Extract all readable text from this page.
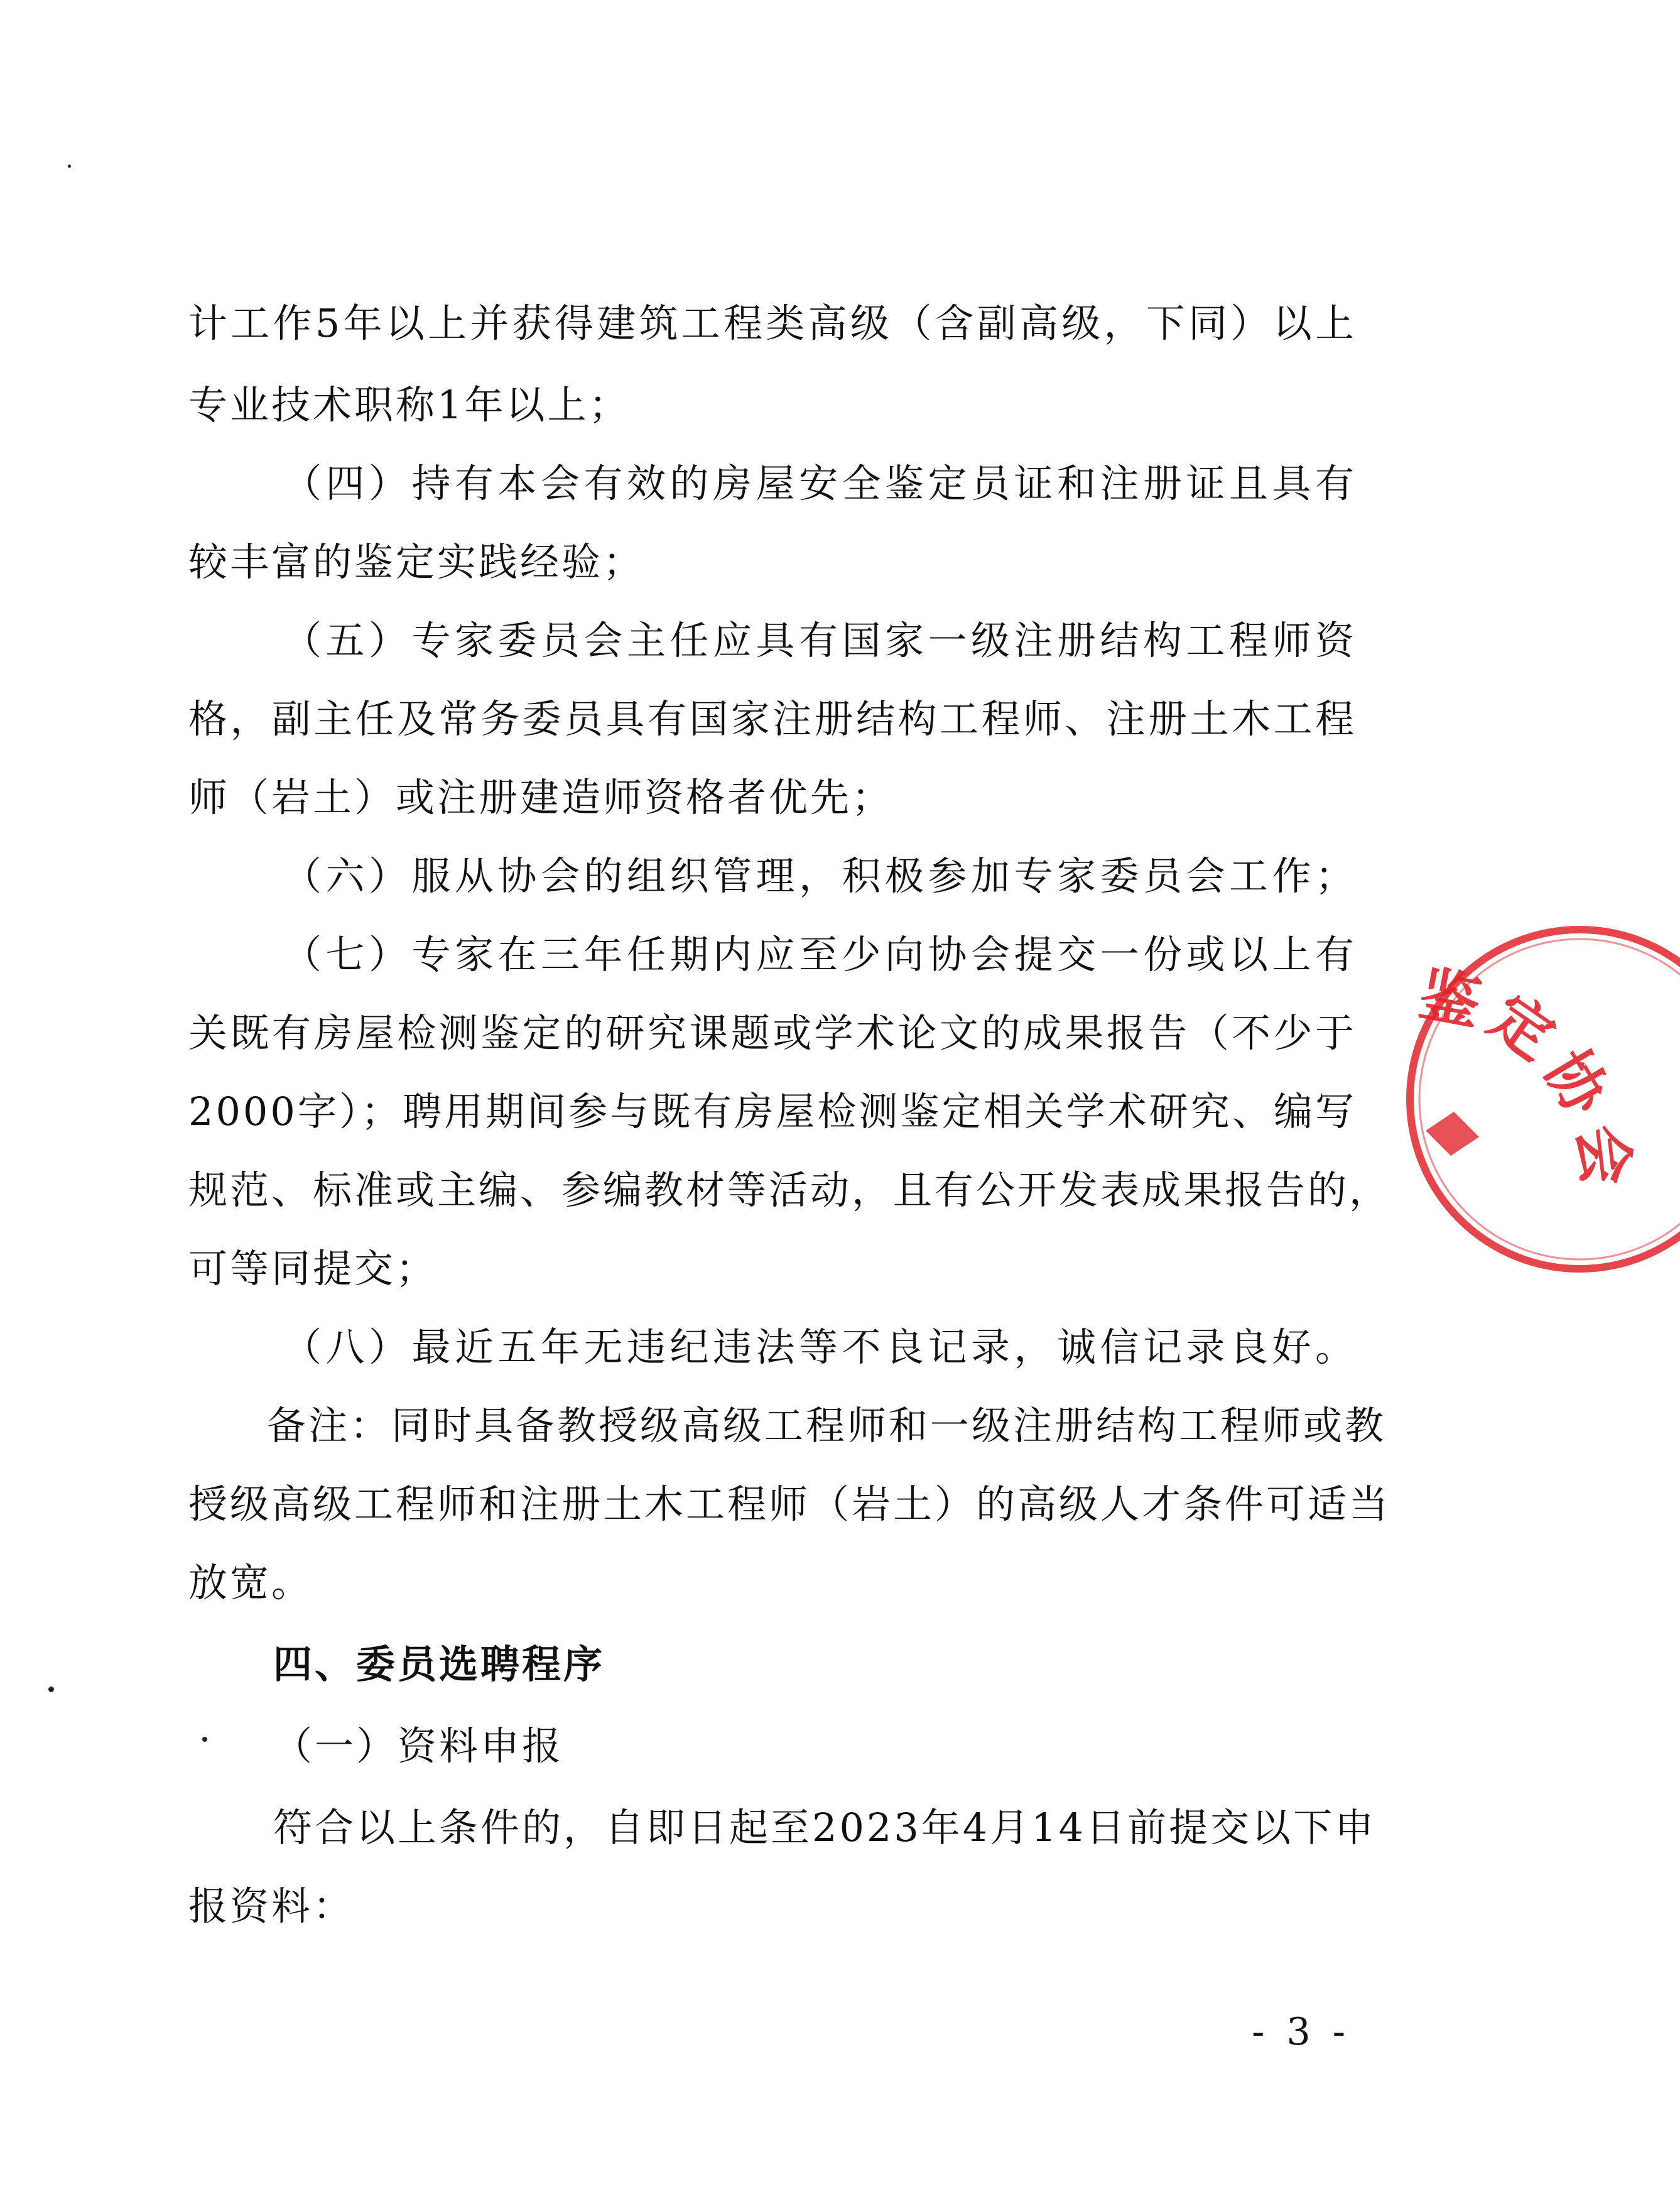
计工作5年以上并获得建筑工程类高级（含副高级，下同）以上
专业技术职称1年以上；
（四）持有本会有效的房屋安全鉴定员证和注册证且具有
较丰富的鉴定实践经验；
（五）专家委员会主任应具有国家一级注册结构工程师资
格，副主任及常务委员具有国家注册结构工程师、注册土木工程
师（岩土）或注册建造师资格者优先；
（六）服从协会的组织管理，积极参加专家委员会工作；
（七）专家在三年任期内应至少向协会提交一份或以上有
关既有房屋检测鉴定的研究课题或学术论文的成果报告（不少于
2000字）；聘用期间参与既有房屋检测鉴定相关学术研究、编写
规范、标准或主编、参编教材等活动，且有公开发表成果报告的，
可等同提交；
（八）最近五年无违纪违法等不良记录，诚信记录良好。
备注：同时具备教授级高级工程师和一级注册结构工程师或教
授级高级工程师和注册土木工程师（岩土）的高级人才条件可适当
放宽。
四、委员选聘程序
（一）资料申报
符合以上条件的，自即日起至2023年4月14日前提交以下申
报资料：
- 3 -
鉴定协会
